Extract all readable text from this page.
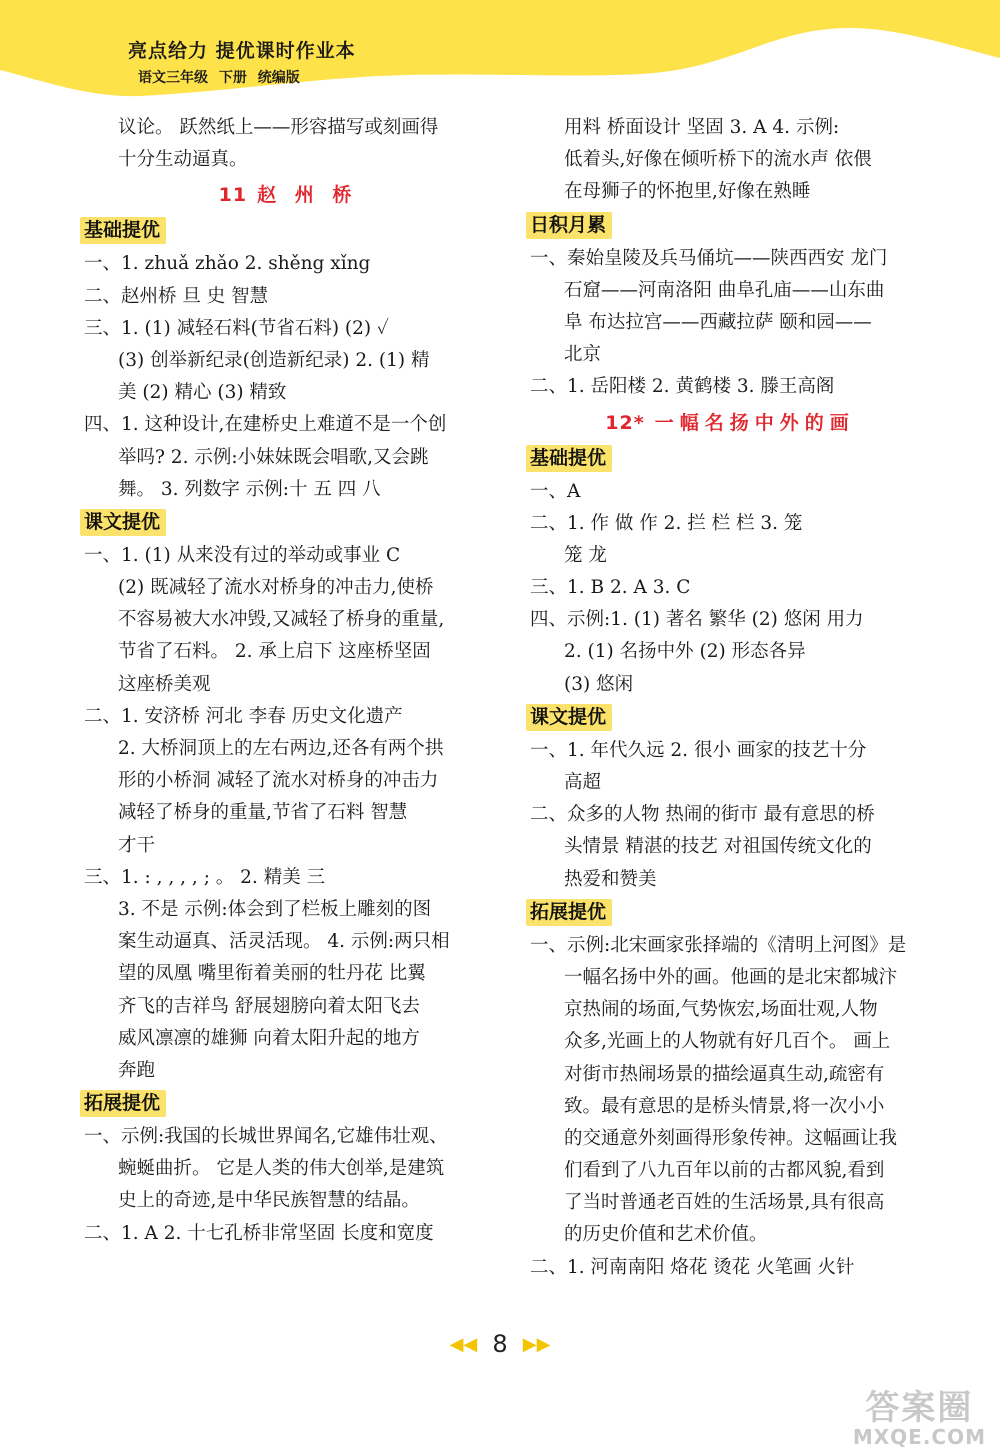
亮点给力 提优课时作业本
语文三年级 下册 统编版
议论。 跃然纸上——形容描写或刻画得
十分生动逼真。
11 赵 州 桥
基础提优
一、1. zhuǎ zhǎo 2. shěng xǐng
二、赵州桥 旦 史 智慧
三、1. (1) 减轻石料(节省石料) (2) ✓
(3) 创举新纪录(创造新纪录) 2. (1) 精
美 (2) 精心 (3) 精致
四、1. 这种设计,在建桥史上难道不是一个创
举吗? 2. 示例:小妹妹既会唱歌,又会跳
舞。 3. 列数字 示例:十 五 四 八
课文提优
一、1. (1) 从来没有过的举动或事业 C
(2) 既减轻了流水对桥身的冲击力,使桥
不容易被大水冲毁,又减轻了桥身的重量,
节省了石料。 2. 承上启下 这座桥坚固
这座桥美观
二、1. 安济桥 河北 李春 历史文化遗产
2. 大桥洞顶上的左右两边,还各有两个拱
形的小桥洞 减轻了流水对桥身的冲击力
减轻了桥身的重量,节省了石料 智慧
才干
三、1. : , , , , ; 。 2. 精美 三
3. 不是 示例:体会到了栏板上雕刻的图
案生动逼真、活灵活现。 4. 示例:两只相
望的凤凰 嘴里衔着美丽的牡丹花 比翼
齐飞的吉祥鸟 舒展翅膀向着太阳飞去
威风凛凛的雄狮 向着太阳升起的地方
奔跑
拓展提优
一、示例:我国的长城世界闻名,它雄伟壮观、
蜿蜒曲折。 它是人类的伟大创举,是建筑
史上的奇迹,是中华民族智慧的结晶。
二、1. A 2. 十七孔桥非常坚固 长度和宽度
用料 桥面设计 坚固 3. A 4. 示例:
低着头,好像在倾听桥下的流水声 依偎
在母狮子的怀抱里,好像在熟睡
日积月累
一、秦始皇陵及兵马俑坑——陕西西安 龙门
石窟——河南洛阳 曲阜孔庙——山东曲
阜 布达拉宫——西藏拉萨 颐和园——
北京
二、1. 岳阳楼 2. 黄鹤楼 3. 滕王高阁
12* 一幅名扬中外的画
基础提优
一、A
二、1. 作 做 作 2. 拦 栏 栏 3. 笼
笼 龙
三、1. B 2. A 3. C
四、示例:1. (1) 著名 繁华 (2) 悠闲 用力
2. (1) 名扬中外 (2) 形态各异
(3) 悠闲
课文提优
一、1. 年代久远 2. 很小 画家的技艺十分
高超
二、众多的人物 热闹的街市 最有意思的桥
头情景 精湛的技艺 对祖国传统文化的
热爱和赞美
拓展提优
一、示例:北宋画家张择端的《清明上河图》是
一幅名扬中外的画。他画的是北宋都城汴
京热闹的场面,气势恢宏,场面壮观,人物
众多,光画上的人物就有好几百个。 画上
对街市热闹场景的描绘逼真生动,疏密有
致。最有意思的是桥头情景,将一次小小
的交通意外刻画得形象传神。这幅画让我
们看到了八九百年以前的古都风貌,看到
了当时普通老百姓的生活场景,具有很高
的历史价值和艺术价值。
二、1. 河南南阳 烙花 烫花 火笔画 火针
◀◀ 8 ▶▶
答案圈
MXQE.COM
